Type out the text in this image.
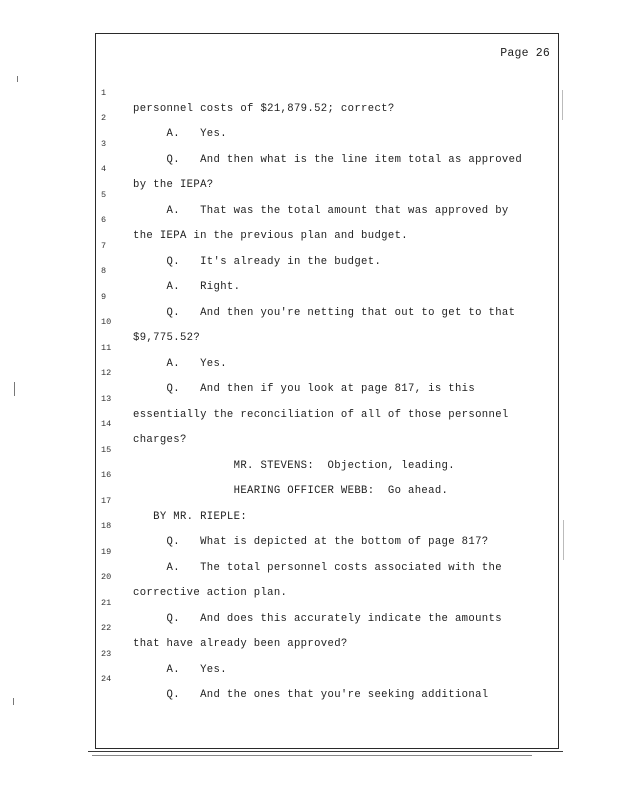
Page 26

1

personnel costs of $21,879.52; correct?

2

A.   Yes.

3

Q.   And then what is the line item total as approved

4

by the IEPA?

5

A.   That was the total amount that was approved by

6

the IEPA in the previous plan and budget.

7

Q.   It's already in the budget.

8

A.   Right.

9

Q.   And then you're netting that out to get to that

10

$9,775.52?

11

A.   Yes.

12

Q.   And then if you look at page 817, is this

13

essentially the reconciliation of all of those personnel

14

charges?

15

MR. STEVENS:  Objection, leading.

16

HEARING OFFICER WEBB:  Go ahead.

17

BY MR. RIEPLE:

18

Q.   What is depicted at the bottom of page 817?

19

A.   The total personnel costs associated with the

20

corrective action plan.

21

Q.   And does this accurately indicate the amounts

22

that have already been approved?

23

A.   Yes.

24

Q.   And the ones that you're seeking additional
